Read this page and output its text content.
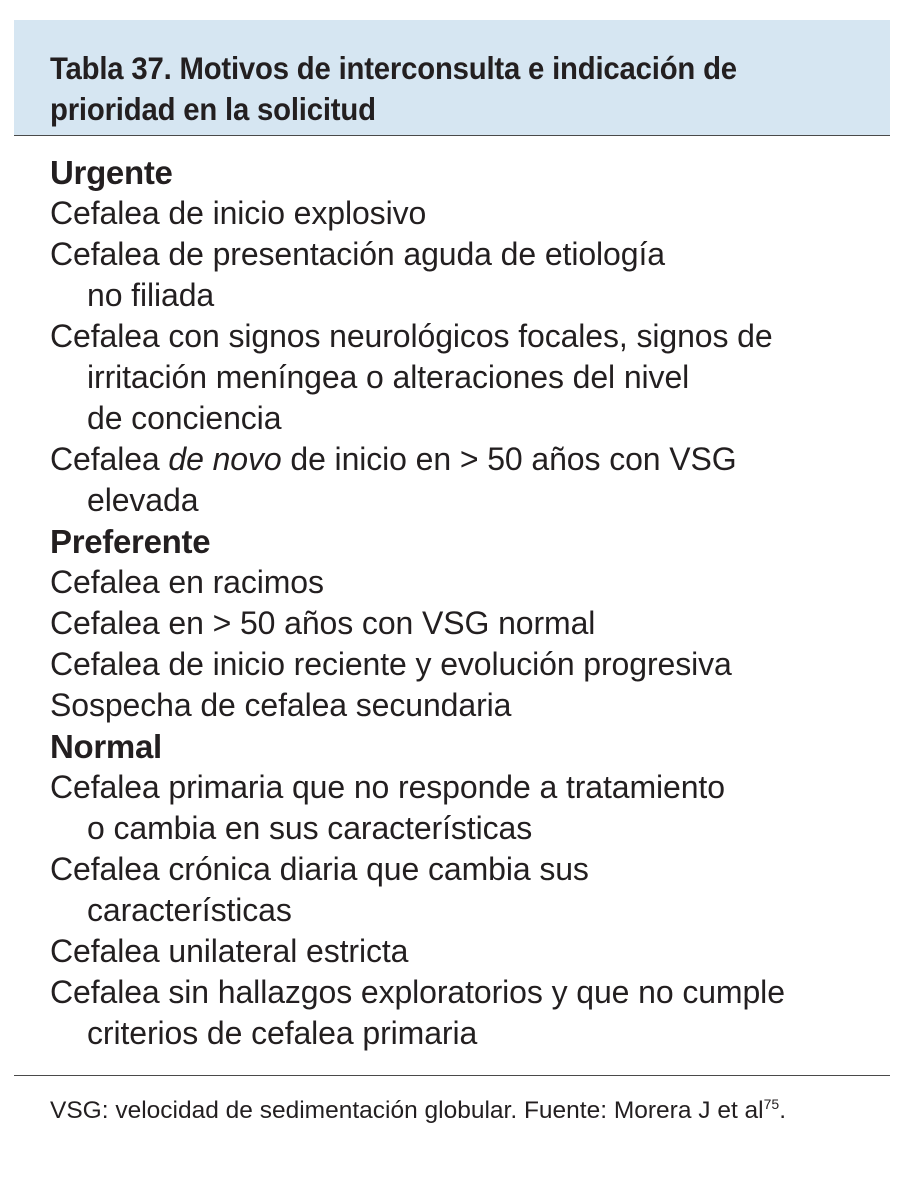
Tabla 37. Motivos de interconsulta e indicación de prioridad en la solicitud
Urgente
Cefalea de inicio explosivo
Cefalea de presentación aguda de etiología
no filiada
Cefalea con signos neurológicos focales, signos de
irritación meníngea o alteraciones del nivel
de conciencia
Cefalea de novo de inicio en > 50 años con VSG
elevada
Preferente
Cefalea en racimos
Cefalea en > 50 años con VSG normal
Cefalea de inicio reciente y evolución progresiva
Sospecha de cefalea secundaria
Normal
Cefalea primaria que no responde a tratamiento
o cambia en sus características
Cefalea crónica diaria que cambia sus
características
Cefalea unilateral estricta
Cefalea sin hallazgos exploratorios y que no cumple
criterios de cefalea primaria
VSG: velocidad de sedimentación globular. Fuente: Morera J et $al^{75}$.
